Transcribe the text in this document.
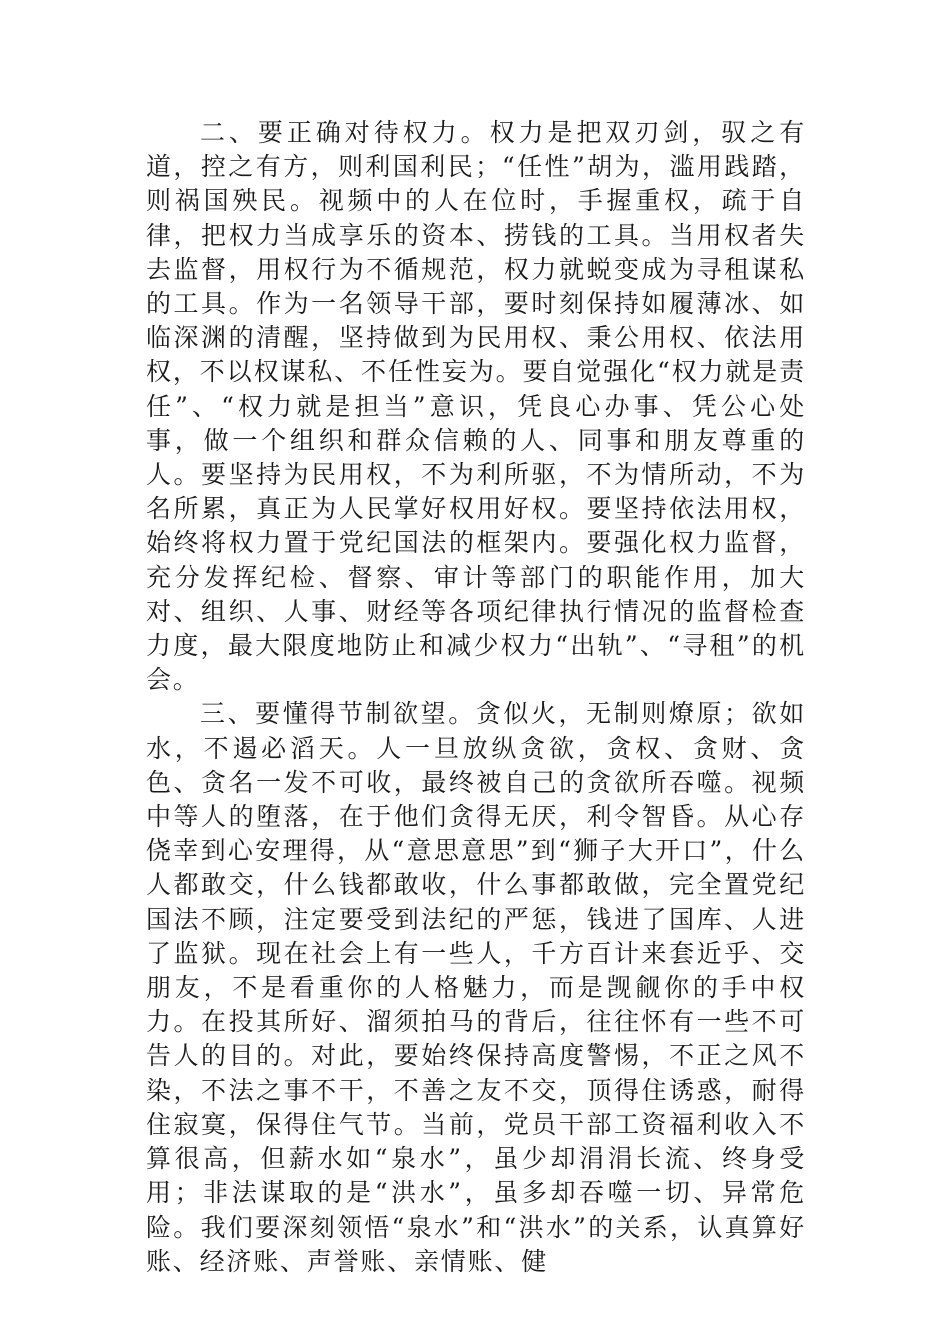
二、要正确对待权力。权力是把双刃剑，驭之有道，控之有方，则利国利民；“任性”胡为，滥用践踏，则祸国殃民。视频中的人在位时，手握重权，疏于自律，把权力当成享乐的资本、捞钱的工具。当用权者失去监督，用权行为不循规范，权力就蜕变成为寻租谋私的工具。作为一名领导干部，要时刻保持如履薄冰、如临深渊的清醒，坚持做到为民用权、秉公用权、依法用权，不以权谋私、不任性妄为。要自觉强化“权力就是责任”、“权力就是担当”意识，凭良心办事、凭公心处事，做一个组织和群众信赖的人、同事和朋友尊重的人。要坚持为民用权，不为利所驱，不为情所动，不为名所累，真正为人民掌好权用好权。要坚持依法用权，始终将权力置于党纪国法的框架内。要强化权力监督，充分发挥纪检、督察、审计等部门的职能作用，加大对、组织、人事、财经等各项纪律执行情况的监督检查力度，最大限度地防止和减少权力“出轨”、“寻租”的机会。

三、要懂得节制欲望。贪似火，无制则燎原；欲如水，不遏必滔天。人一旦放纵贪欲，贪权、贪财、贪色、贪名一发不可收，最终被自己的贪欲所吞噬。视频中等人的堕落，在于他们贪得无厌，利令智昏。从心存侥幸到心安理得，从“意思意思”到“狮子大开口”，什么人都敢交，什么钱都敢收，什么事都敢做，完全置党纪国法不顾，注定要受到法纪的严惩，钱进了国库、人进了监狱。现在社会上有一些人，千方百计来套近乎、交朋友，不是看重你的人格魅力，而是觊觎你的手中权力。在投其所好、溜须拍马的背后，往往怀有一些不可告人的目的。对此，要始终保持高度警惕，不正之风不染，不法之事不干，不善之友不交，顶得住诱惑，耐得住寂寞，保得住气节。当前，党员干部工资福利收入不算很高，但薪水如“泉水”，虽少却涓涓长流、终身受用；非法谋取的是“洪水”，虽多却吞噬一切、异常危险。我们要深刻领悟“泉水”和“洪水”的关系，认真算好账、经济账、声誉账、亲情账、健
